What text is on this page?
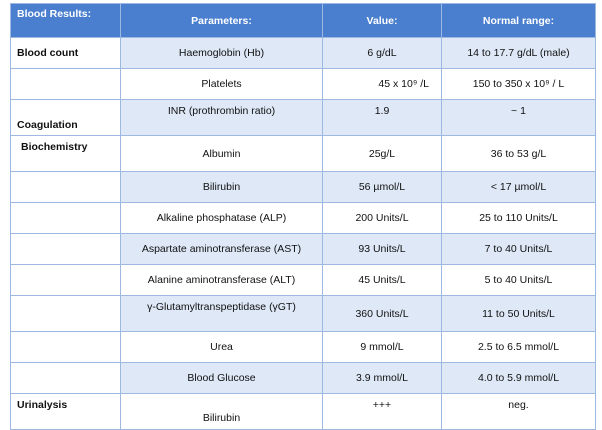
Blood Results:	Parameters:	Value:	Normal range:
Blood count	Haemoglobin (Hb)	6 g/dL	14 to 17.7 g/dL (male)
	Platelets	45 x 10⁹ /L	150 to 350 x 10⁹ / L
Coagulation	INR (prothrombin ratio)	1.9	~ 1
Biochemistry	Albumin	25g/L	36 to 53 g/L
	Bilirubin	56 µmol/L	< 17 µmol/L
	Alkaline phosphatase (ALP)	200 Units/L	25 to 110 Units/L
	Aspartate aminotransferase (AST)	93 Units/L	7 to 40 Units/L
	Alanine aminotransferase (ALT)	45 Units/L	5 to 40 Units/L
	γ-Glutamyltranspeptidase (γGT)	360 Units/L	11 to 50 Units/L
	Urea	9 mmol/L	2.5 to 6.5 mmol/L
	Blood Glucose	3.9 mmol/L	4.0 to 5.9 mmol/L
Urinalysis	Bilirubin	+++	neg.
